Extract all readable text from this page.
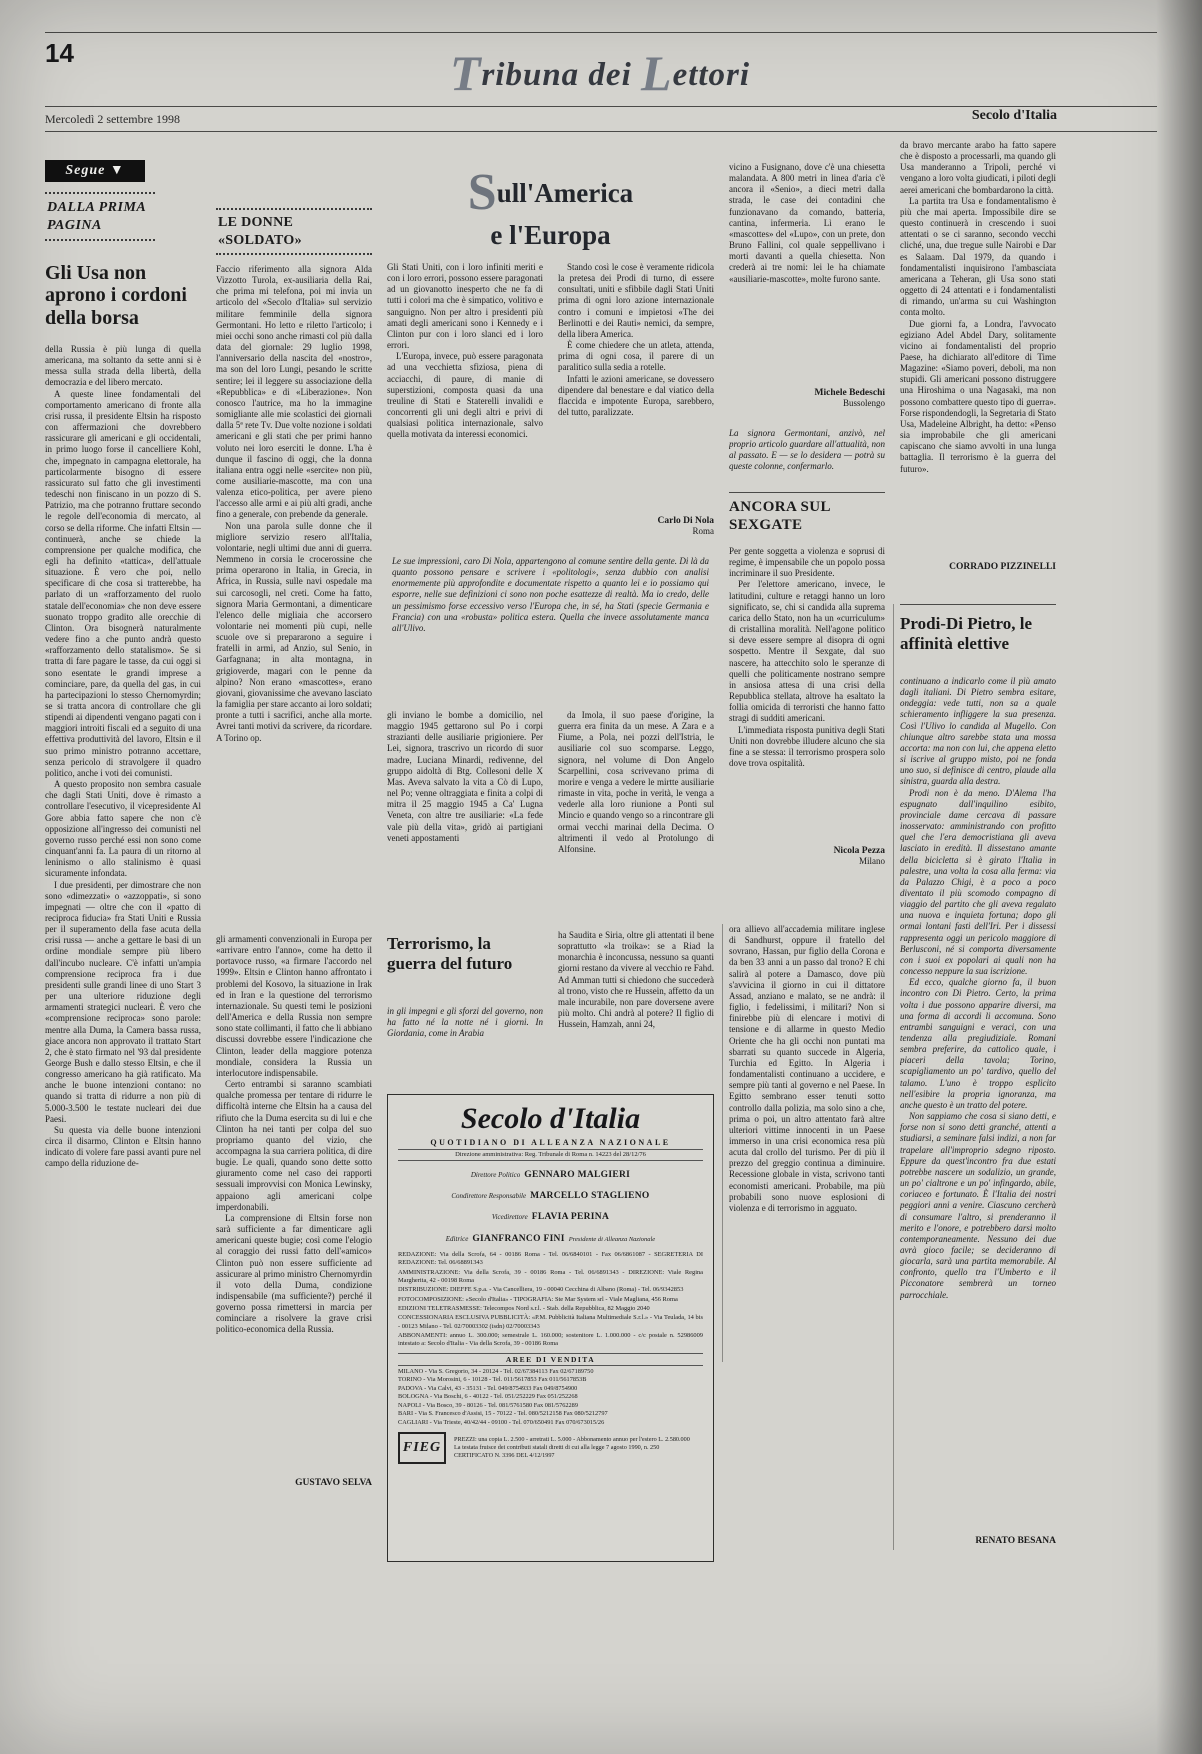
14	Tribuna dei Lettori
Mercoledì 2 settembre 1998	Secolo d'Italia
Segue ▼
DALLA PRIMA PAGINA
Gli Usa non aprono i cordoni della borsa

della Russia è più lunga di quella americana, ma soltanto da sette anni si è messa sulla strada della libertà, della democrazia e del libero mercato.

A queste linee fondamentali del comportamento americano di fronte alla crisi russa, il presidente Eltsin ha risposto con affermazioni che dovrebbero rassicurare gli americani e gli occidentali, in primo luogo forse il cancelliere Kohl, che, impegnato in campagna elettorale, ha particolarmente bisogno di essere rassicurato sul fatto che gli investimenti tedeschi non finiscano in un pozzo di S. Patrizio, ma che potranno fruttare secondo le regole dell'economia di mercato, al corso se della riforme. Che infatti Eltsin — continuerà, anche se chiede la comprensione per qualche modifica, che egli ha definito «tattica», dell'attuale situazione. È vero che poi, nello specificare di che cosa si tratterebbe, ha parlato di un «rafforzamento del ruolo statale dell'economia» che non deve essere suonato troppo gradito alle orecchie di Clinton. Ora bisognerà naturalmente vedere fino a che punto andrà questo «rafforzamento dello statalismo». Se si tratta di fare pagare le tasse, da cui oggi si sono esentate le grandi imprese a cominciare, pare, da quella del gas, in cui ha partecipazioni lo stesso Chernomyrdin; se si tratta ancora di controllare che gli stipendi ai dipendenti vengano pagati con i maggiori introiti fiscali ed a seguito di una effettiva produttività del lavoro, Eltsin e il suo primo ministro potranno accettare, senza pericolo di stravolgere il quadro politico, anche i voti dei comunisti.

A questo proposito non sembra casuale che dagli Stati Uniti, dove è rimasto a controllare l'esecutivo, il vicepresidente Al Gore abbia fatto sapere che non c'è opposizione all'ingresso dei comunisti nel governo russo perché essi non sono come cinquant'anni fa. La paura di un ritorno al leninismo o allo stalinismo è quasi sicuramente infondata.

I due presidenti, per dimostrare che non sono «dimezzati» o «azzoppati», si sono impegnati — oltre che con il «patto di reciproca fiducia» fra Stati Uniti e Russia per il superamento della fase acuta della crisi russa — anche a gettare le basi di un ordine mondiale sempre più libero dall'incubo nucleare. C'è infatti un'ampia comprensione reciproca fra i due presidenti sulle grandi linee di uno Start 3 per una ulteriore riduzione degli armamenti strategici nucleari. È vero che «comprensione reciproca» sono parole: mentre alla Duma, la Camera bassa russa, giace ancora non approvato il trattato Start 2, che è stato firmato nel '93 dal presidente George Bush e dallo stesso Eltsin, e che il congresso americano ha già ratificato. Ma anche le buone intenzioni contano: no quando si tratta di ridurre a non più di 5.000-3.500 le testate nucleari dei due Paesi.

Su questa via delle buone intenzioni circa il disarmo, Clinton e Eltsin hanno indicato di volere fare passi avanti pure nel campo della riduzione de-

LE DONNE «SOLDATO»

Faccio riferimento alla signora Alda Vizzotto Turola, ex-ausiliaria della Rai, che prima mi telefona, poi mi invia un articolo del «Secolo d'Italia» sul servizio militare femminile della signora Germontani. Ho letto e riletto l'articolo; i miei occhi sono anche rimasti col più dalla data del giornale: 29 luglio 1998, l'anniversario della nascita del «nostro», ma son del loro Lungi, pesando le scritte sentire; lei il leggere su associazione della «Repubblica» e di «Liberazione». Non conosco l'autrice, ma ho la immagine somigliante alle mie scolastici dei giornali dalla 5ª rete Tv. Due volte nozione i soldati americani e gli stati che per primi hanno voluto nei loro eserciti le donne. L'ha è dunque il fascino di oggi, che la donna italiana entra oggi nelle «sercite» non più, come ausiliarie-mascotte, ma con una valenza etico-politica, per avere pieno l'accesso alle armi e ai più alti gradi, anche fino a generale, con prebende da generale.

Non una parola sulle donne che il migliore servizio resero all'Italia, volontarie, negli ultimi due anni di guerra. Nemmeno in corsia le crocerossine che prima operarono in Italia, in Grecia, in Africa, in Russia, sulle navi ospedale ma sui carcosogli, nel creti. Come ha fatto, signora Maria Germontani, a dimenticare l'elenco delle migliaia che accorsero volontarie nei momenti più cupi, nelle scuole ove si prepararono a seguire i fratelli in armi, ad Anzio, sul Senio, in Garfagnana; in alta montagna, in grigioverde, magari con le penne da alpino? Non erano «mascottes», erano giovani, giovanissime che avevano lasciato la famiglia per stare accanto ai loro soldati; pronte a tutti i sacrifici, anche alla morte. Avrei tanti motivi da scrivere, da ricordare. A Torino op.

gli armamenti convenzionali in Europa per «arrivare entro l'anno», come ha detto il portavoce russo, «a firmare l'accordo nel 1999». Eltsin e Clinton hanno affrontato i problemi del Kosovo, la situazione in Irak ed in Iran e la questione del terrorismo internazionale. Su questi temi le posizioni dell'America e della Russia non sempre sono state collimanti, il fatto che li abbiano discussi dovrebbe essere l'indicazione che Clinton, leader della maggiore potenza mondiale, considera la Russia un interlocutore indispensabile.

Certo entrambi si saranno scambiati qualche promessa per tentare di ridurre le difficoltà interne che Eltsin ha a causa del rifiuto che la Duma esercita su di lui e che Clinton ha nei tanti per colpa del suo propriamo quanto del vizio, che accompagna la sua carriera politica, di dire bugie. Le quali, quando sono dette sotto giuramento come nel caso dei rapporti sessuali improvvisi con Monica Lewinsky, appaiono agli americani colpe imperdonabili.

La comprensione di Eltsin forse non sarà sufficiente a far dimenticare agli americani queste bugie; così come l'elogio al coraggio dei russi fatto dell'«amico» Clinton può non essere sufficiente ad assicurare al primo ministro Chernomyrdin il voto della Duma, condizione indispensabile (ma sufficiente?) perché il governo possa rimettersi in marcia per cominciare a risolvere la grave crisi politico-economica della Russia.

GUSTAVO SELVA
Sull'America
e l'Europa

Gli Stati Uniti, con i loro infiniti meriti e con i loro errori, possono essere paragonati ad un giovanotto inesperto che ne fa di tutti i colori ma che è simpatico, volitivo e sanguigno. Non per altro i presidenti più amati degli americani sono i Kennedy e i Clinton pur con i loro slanci ed i loro errori.

L'Europa, invece, può essere paragonata ad una vecchietta sfiziosa, piena di acciacchi, di paure, di manie di superstizioni, composta quasi da una treuline di Stati e Staterelli invalidi e concorrenti gli uni degli altri e privi di qualsiasi politica internazionale, salvo quella motivata da interessi economici.

Stando così le cose è veramente ridicola la pretesa dei Prodi di turno, di essere consultati, uniti e sfibbile dagli Stati Uniti prima di ogni loro azione internazionale contro i comuni e impietosi «The dei Berlinotti e dei Rauti» nemici, da sempre, della libera America.

È come chiedere che un atleta, attenda, prima di ogni cosa, il parere di un paralitico sulla sedia a rotelle.

Infatti le azioni americane, se dovessero dipendere dal benestare e dal viatico della flaccida e impotente Europa, sarebbero, del tutto, paralizzate.

Carlo Di Nola
Roma

Le sue impressioni, caro Di Nola, appartengono al comune sentire della gente. Di là da quanto possono pensare e scrivere i «politologi», senza dubbio con analisi enormemente più approfondite e documentate rispetto a quanto lei e io possiamo qui esporre, nelle sue definizioni ci sono non poche esattezze di realtà. Ma io credo, delle un pessimismo forse eccessivo verso l'Europa che, in sé, ha Stati (specie Germania e Francia) con una «robusta» politica estera. Quella che invece assolutamente manca all'Ulivo.

gli inviano le bombe a domicilio, nel maggio 1945 gettarono sul Po i corpi strazianti delle ausiliarie prigioniere. Per Lei, signora, trascrivo un ricordo di suor madre, Luciana Minardi, redivenne, del gruppo aidoltà di Btg. Collesoni delle X Mas. Aveva salvato la vita a Cò di Lupo, nel Po; venne oltraggiata e finita a colpi di mitra il 25 maggio 1945 a Ca' Lugna Veneta, con altre tre ausiliarie: «La fede vale più della vita», gridò ai partigiani veneti appostamenti

da Imola, il suo paese d'origine, la guerra era finita da un mese. A Zara e a Fiume, a Pola, nei pozzi dell'Istria, le ausiliarie col suo scomparse. Leggo, signora, nel volume di Don Angelo Scarpellini, cosa scrivevano prima di morire e venga a vedere le mirtte ausiliarie rimaste in vita, poche in verità, le venga a vederle alla loro riunione a Ponti sul Mincio e quando vengo so a rincontrare gli ormai vecchi marinai della Decima. O altrimenti il vedo al Protolungo di Alfonsine.

Terrorismo, la guerra del futuro

in gli impegni e gli sforzi del governo, non ha fatto né la notte né i giorni. In Giordania, come in Arabia

ha Saudita e Siria, oltre gli attentati il bene soprattutto «la troika»: se a Riad la monarchia è inconcussa, nessuno sa quanti giorni restano da vivere al vecchio re Fahd. Ad Amman tutti si chiedono che succederà al trono, visto che re Hussein, affetto da un male incurabile, non pare doversene avere più molto. Chi andrà al potere? Il figlio di Hussein, Hamzah, anni 24,

Secolo d'Italia
QUOTIDIANO DI ALLEANZA NAZIONALE
Direzione amministrativa: Reg. Tribunale di Roma n. 14223 del 28/12/76
Direttore Politico GENNARO MALGIERI
Condirettore Responsabile MARCELLO STAGLIENO
Vicedirettore FLAVIA PERINA
Editrice GIANFRANCO FINI Presidente di Alleanza Nazionale

REDAZIONE: Via della Scrofa, 64 - 00186 Roma - Tel. 06/6840101 - Fax 06/6861087 - SEGRETERIA DI REDAZIONE: Tel. 06/68891343

AMMINISTRAZIONE: Via della Scrofa, 39 - 00186 Roma - Tel. 06/6891343 - DIREZIONE: Viale Regina Margherita, 42 - 00198 Roma

DISTRIBUZIONE: DIEFFE S.p.a. - Via Cancelliera, 19 - 00040 Cecchina di Albano (Roma) - Tel. 06/9342853

FOTOCOMPOSIZIONE: «Secolo d'Italia» - TIPOGRAFIA: Ste Mar System srl - Viale Magliana, 456 Roma

EDIZIONI TELETRASMESSE: Telecompos Nord s.r.l. - Stab. della Repubblica, 82 Maggio 2040

CONCESSIONARIA ESCLUSIVA PUBBLICITÀ: «P.M. Pubblicità Italiana Multimediale S.r.l.» - Via Teulada, 14 bis - 00123 Milano - Tel. 02/70003302 (isdn) 02/70003343

ABBONAMENTI: annuo L. 300.000; semestrale L. 160.000; sostenitore L. 1.000.000 - c/c postale n. 52986009 intestato a: Secolo d'Italia - Via della Scrofa, 39 - 00186 Roma

AREE DI VENDITA

MILANO - Via S. Gregorio, 34 - 20124 - Tel. 02/67384113 Fax 02/67189750

TORINO - Via Morosini, 6 - 10128 - Tel. 011/5617853 Fax 011/5617853B

PADOVA - Via Calvi, 43 - 35131 - Tel. 049/8754933 Fax 049/8754900

BOLOGNA - Via Boschi, 6 - 40122 - Tel. 051/252229 Fax 051/252268

NAPOLI - Via Bosco, 39 - 80126 - Tel. 081/5761580 Fax 081/5762289

BARI - Via S. Francesco d'Assisi, 15 - 70122 - Tel. 080/5212158 Fax 080/5212797

CAGLIARI - Via Trieste, 40/42/44 - 09100 - Tel. 070/650491 Fax 070/673015/26

FIEG

PREZZI: una copia L. 2.500 - arretrati L. 5.000 - Abbonamento annuo per l'estero L. 2.580.000

La testata fruisce dei contributi statali diretti di cui alla legge 7 agosto 1990, n. 250

CERTIFICATO N. 3396 DEL 4/12/1997

vicino a Fusignano, dove c'è una chiesetta malandata. A 800 metri in linea d'aria c'è ancora il «Senio», a dieci metri dalla strada, le case dei contadini che funzionavano da comando, batteria, cantina, infermeria. Lì erano le «mascottes» del «Lupo», con un prete, don Bruno Fallini, col quale seppellivano i morti davanti a quella chiesetta. Non crederà ai tre nomi: lei le ha chiamate «ausiliarie-mascotte», molte furono sante.

Michele Bedeschi
Bussolengo

La signora Germontani, anzivò, nel proprio articolo guardare all'attualità, non al passato. E — se lo desidera — potrà su queste colonne, confermarlo.

ANCORA SUL SEXGATE

Per gente soggetta a violenza e soprusi di regime, è impensabile che un popolo possa incriminare il suo Presidente.

Per l'elettore americano, invece, le latitudini, culture e retaggi hanno un loro significato, se, chi si candida alla suprema carica dello Stato, non ha un «curriculum» di cristallina moralità. Nell'agone politico si deve essere sempre al disopra di ogni sospetto. Mentre il Sexgate, dal suo nascere, ha attecchito solo le speranze di quelli che politicamente nostrano sempre in ansiosa attesa di una crisi della Repubblica stellata, altrove ha esaltato la follia omicida di terroristi che hanno fatto stragi di sudditi americani.

L'immediata risposta punitiva degli Stati Uniti non dovrebbe illudere alcuno che sia fine a se stessa: il terrorismo prospera solo dove trova ospitalità.

Nicola Pezza
Milano

ora allievo all'accademia militare inglese di Sandhurst, oppure il fratello del sovrano, Hassan, pur figlio della Corona e da ben 33 anni a un passo dal trono? E chi salirà al potere a Damasco, dove più s'avvicina il giorno in cui il dittatore Assad, anziano e malato, se ne andrà: il figlio, i fedelissimi, i militari? Non si finirebbe più di elencare i motivi di tensione e di allarme in questo Medio Oriente che ha gli occhi non puntati ma sbarrati su quanto succede in Algeria, Turchia ed Egitto. In Algeria i fondamentalisti continuano a uccidere, e sempre più tanti al governo e nel Paese. In Egitto sembrano esser tenuti sotto controllo dalla polizia, ma solo sino a che, prima o poi, un altro attentato farà altre ulteriori vittime innocenti in un Paese immerso in una crisi economica resa più acuta dal crollo del turismo. Per di più il prezzo del greggio continua a diminuire. Recessione globale in vista, scrivono tanti economisti americani. Probabile, ma più probabili sono nuove esplosioni di violenza e di terrorismo in agguato.

da bravo mercante arabo ha fatto sapere che è disposto a processarli, ma quando gli Usa manderanno a Tripoli, perché vi vengano a loro volta giudicati, i piloti degli aerei americani che bombardarono la città.

La partita tra Usa e fondamentalismo è più che mai aperta. Impossibile dire se questo continuerà in crescendo i suoi attentati o se ci saranno, secondo vecchi cliché, una, due tregue sulle Nairobi e Dar es Salaam. Dal 1979, da quando i fondamentalisti inquisirono l'ambasciata americana a Teheran, gli Usa sono stati oggetto di 24 attentati e i fondamentalisti di rimando, un'arma su cui Washington conta molto.

Due giorni fa, a Londra, l'avvocato egiziano Adel Abdel Dary, solitamente vicino ai fondamentalisti del proprio Paese, ha dichiarato all'editore di Time Magazine: «Siamo poveri, deboli, ma non stupidi. Gli americani possono distruggere una Hiroshima o una Nagasaki, ma non possono combattere questo tipo di guerra». Forse rispondendogli, la Segretaria di Stato Usa, Madeleine Albright, ha detto: «Penso sia improbabile che gli americani capiscano che siamo avvolti in una lunga battaglia. Il terrorismo è la guerra del futuro».

CORRADO PIZZINELLI
Prodi-Di Pietro, le affinità elettive

continuano a indicarlo come il più amato dagli italiani. Di Pietro sembra esitare, ondeggia: vede tutti, non sa a quale schieramento infliggere la sua presenza. Così l'Ulivo lo candida al Mugello. Con chiunque altro sarebbe stata una mossa accorta: ma non con lui, che appena eletto si iscrive al gruppo misto, poi ne fonda uno suo, si definisce di centro, plaude alla sinistra, guarda alla destra.

Prodi non è da meno. D'Alema l'ha espugnato dall'inquilino esibito, provinciale dame cercava di passare inosservato: amministrando con profitto quel che l'era democristiana gli aveva lasciato in eredità. Il dissestano amante della bicicletta si è girato l'Italia in palestre, una volta la cosa alla ferma: via da Palazzo Chigi, è a poco a poco diventato il più scomodo compagno di viaggio del partito che gli aveva regalato una nuova e inquieta fortuna; dopo gli ormai lontani fasti dell'Iri. Per i dissessi rappresenta oggi un pericolo maggiore di Berlusconi, né si comporta diversamente con i suoi ex popolari ai quali non ha concesso neppure la sua iscrizione.

Ed ecco, qualche giorno fa, il buon incontro con Di Pietro. Certo, la prima volta i due possono apparire diversi, ma una forma di accordi li accomuna. Sono entrambi sanguigni e veraci, con una tendenza alla pregiudiziale. Romani sembra preferire, da cattolico quale, i piaceri della tavola; Torino, scapigliamento un po' tardivo, quello del talamo. L'uno è troppo esplicito nell'esibire la propria ignoranza, ma anche questo è un tratto del potere.

Non sappiamo che cosa si siano detti, e forse non si sono detti granché, attenti a studiarsi, a seminare falsi indizi, a non far trapelare all'improprio sdegno riposto. Eppure da quest'incontro fra due estati potrebbe nascere un sodalizio, un grande, un po' cialtrone e un po' infingardo, abile, coriaceo e fortunato. È l'Italia dei nostri peggiori anni a venire. Ciascuno cercherà di consumare l'altro, si prenderanno il merito e l'onore, e potrebbero darsi molto contemporaneamente. Nessuno dei due avrà gioco facile; se decideranno di giocarla, sarà una partita memorabile. Al confronto, quello tra l'Umberto e il Picconatore sembrerà un torneo parrocchiale.

RENATO BESANA
